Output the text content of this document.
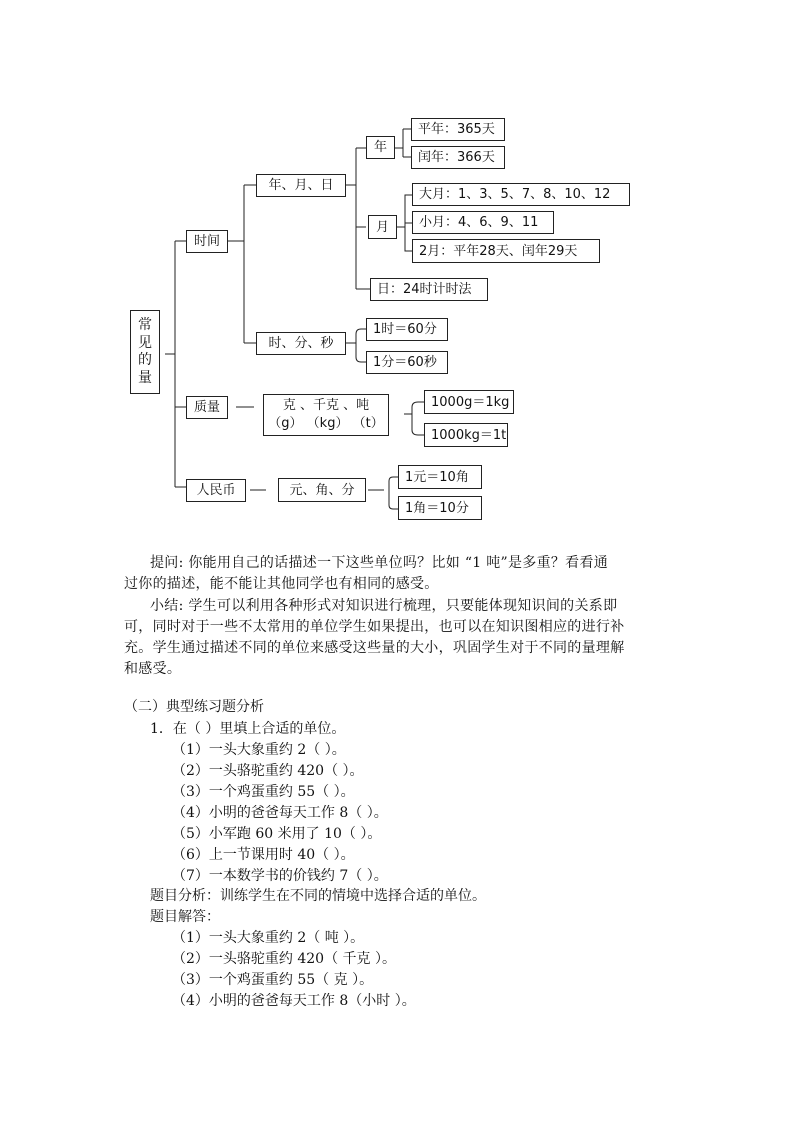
常
见
的
量
时间
年、月、日
年
平年：365天
闰年：366天
月
大月：1、3、5、7、8、10、12
小月：4、6、9、11
2月：平年28天、闰年29天
日：24时计时法
时、分、秒
1时＝60分
1分＝60秒
质量	克 、千克 、吨
（g） （kg） （t）
1000g＝1kg
1000kg＝1t
人民币	元、角、分
1元＝10角
1角＝10分
提问: 你能用自己的话描述一下这些单位吗？比如 “1 吨”是多重？看看通
过你的描述，能不能让其他同学也有相同的感受。
小结: 学生可以利用各种形式对知识进行梳理，只要能体现知识间的关系即
可，同时对于一些不太常用的单位学生如果提出，也可以在知识图相应的进行补
充。学生通过描述不同的单位来感受这些量的大小，巩固学生对于不同的量理解
和感受。
（二）典型练习题分析
1．在（ ）里填上合适的单位。
（1）一头大象重约 2（ ）。
（2）一头骆驼重约 420（ ）。
（3）一个鸡蛋重约 55（ ）。
（4）小明的爸爸每天工作 8（ ）。
（5）小军跑 60 米用了 10（ ）。
（6）上一节课用时 40（ ）。
（7）一本数学书的价钱约 7（ ）。
题目分析：训练学生在不同的情境中选择合适的单位。
题目解答：
（1）一头大象重约 2（ 吨 ）。
（2）一头骆驼重约 420（ 千克 ）。
（3）一个鸡蛋重约 55（ 克 ）。
（4）小明的爸爸每天工作 8（小时 ）。
